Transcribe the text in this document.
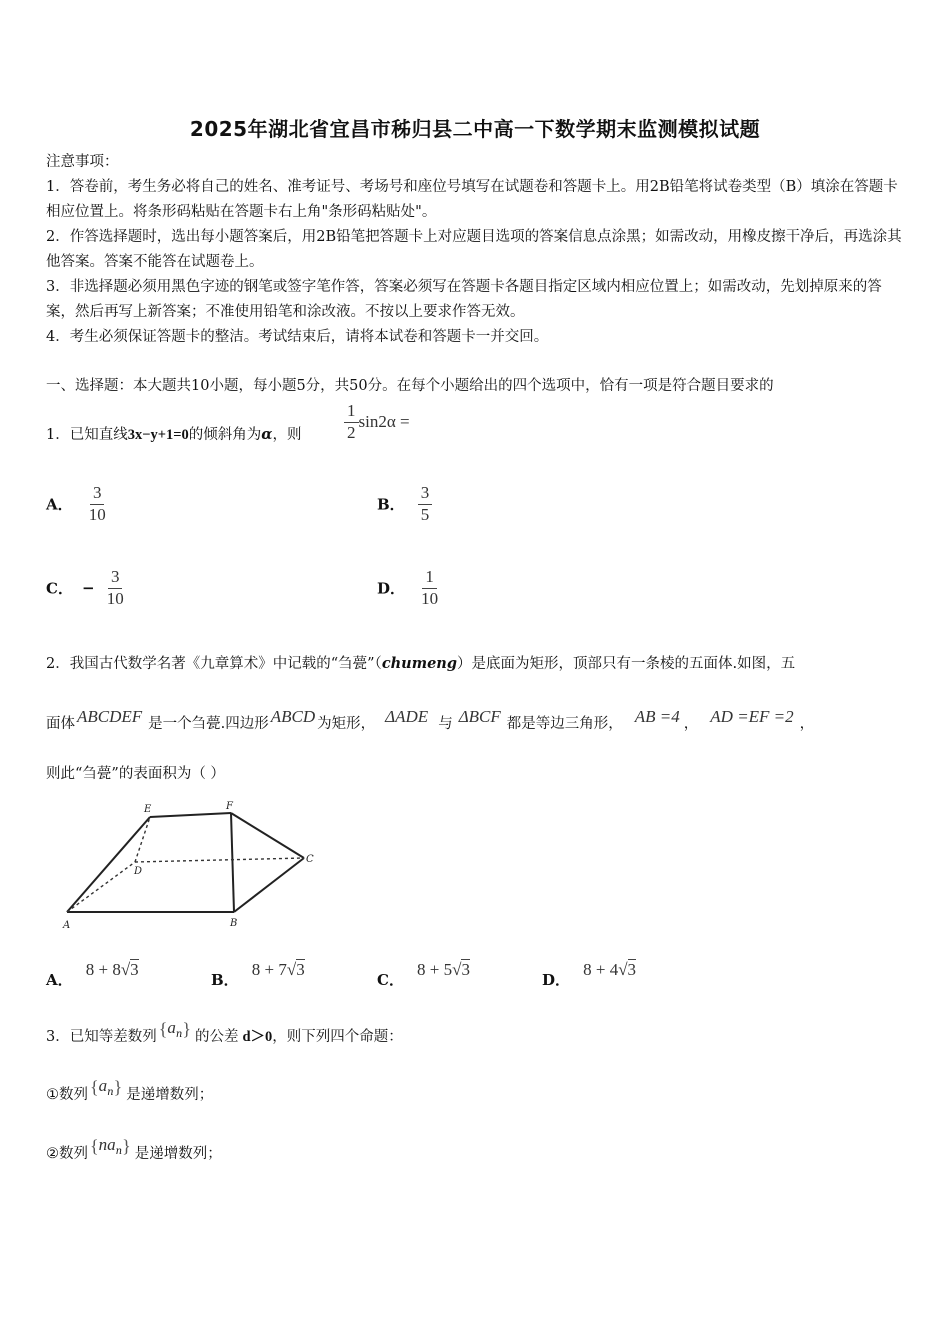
2025年湖北省宜昌市秭归县二中高一下数学期末监测模拟试题
注意事项：
1．答卷前，考生务必将自己的姓名、准考证号、考场号和座位号填写在试题卷和答题卡上。用2B铅笔将试卷类型（B）填涂在答题卡相应位置上。将条形码粘贴在答题卡右上角"条形码粘贴处"。
2．作答选择题时，选出每小题答案后，用2B铅笔把答题卡上对应题目选项的答案信息点涂黑；如需改动，用橡皮擦干净后，再选涂其他答案。答案不能答在试题卷上。
3．非选择题必须用黑色字迹的钢笔或签字笔作答，答案必须写在答题卡各题目指定区域内相应位置上；如需改动，先划掉原来的答案，然后再写上新答案；不准使用铅笔和涂改液。不按以上要求作答无效。
4．考生必须保证答题卡的整洁。考试结束后，请将本试卷和答题卡一并交回。
一、选择题：本大题共10小题，每小题5分，共50分。在每个小题给出的四个选项中，恰有一项是符合题目要求的
1．已知直线3x−y+1=0的倾斜角为α，则	$\frac{1}{2} \sin 2\alpha$ =
A． $\frac{3}{10}$	B． $\frac{3}{5}$
C． − $\frac{3}{10}$	D． $\frac{1}{10}$
2．我国古代数学名著《九章算术》中记载的“刍甍”（chumeng）是底面为矩形，顶部只有一条棱的五面体.如图，五
面体 ABCDEF 是一个刍甍.四边形 ABCD 为矩形， ΔADE 与 ΔBCF 都是等边三角形， AB =4 ， AD =EF =2 ，
则此“刍甍”的表面积为（ ）
A	B
C
D
E	F
A． 8 + 8√3
B． 8 + 7√3
C． 8 + 5√3
D． 8 + 4√3
3．已知等差数列 $\{a^n\}$ 的公差 d＞0，则下列四个命题：
①数列 $\{a^n\}$ 是递增数列；
②数列 $\{na^n\}$ 是递增数列；
